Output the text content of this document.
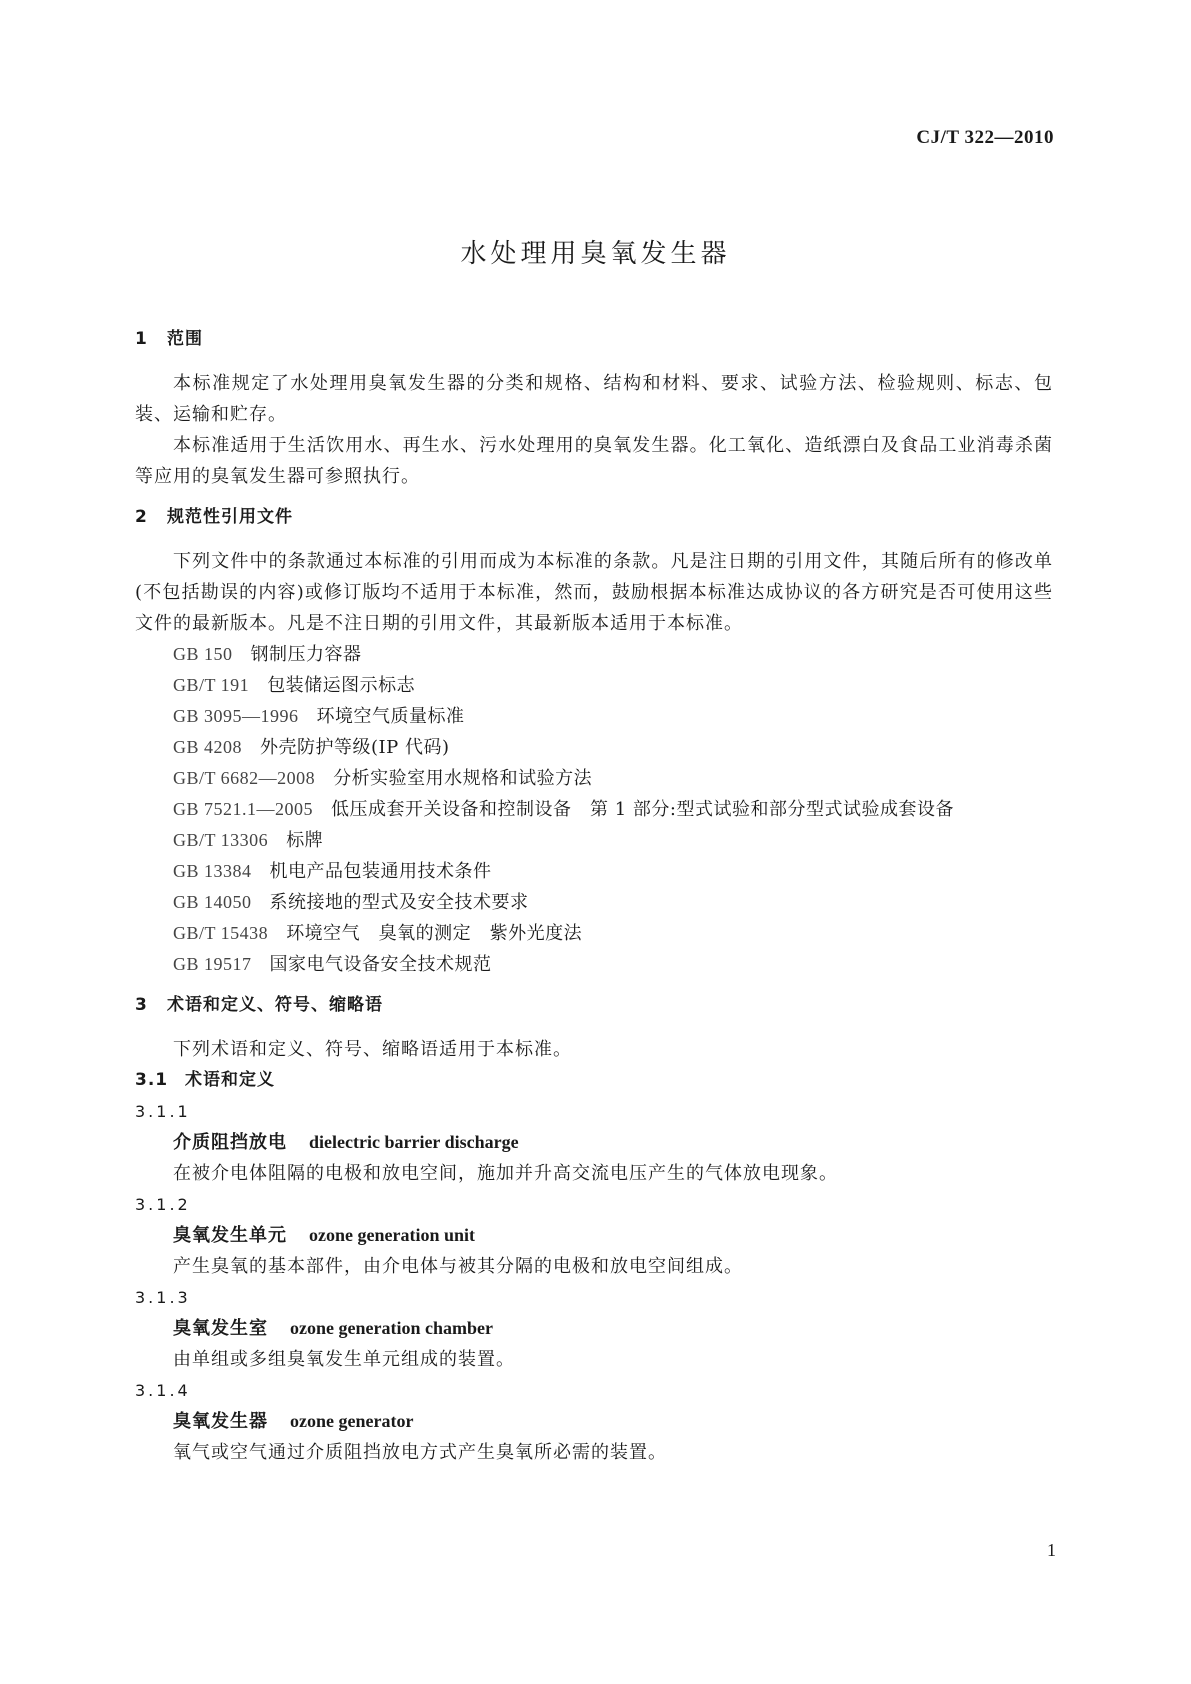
CJ/T 322—2010
水处理用臭氧发生器
1 范围
本标准规定了水处理用臭氧发生器的分类和规格、结构和材料、要求、试验方法、检验规则、标志、包装、运输和贮存。
本标准适用于生活饮用水、再生水、污水处理用的臭氧发生器。化工氧化、造纸漂白及食品工业消毒杀菌等应用的臭氧发生器可参照执行。
2 规范性引用文件
下列文件中的条款通过本标准的引用而成为本标准的条款。凡是注日期的引用文件，其随后所有的修改单(不包括勘误的内容)或修订版均不适用于本标准，然而，鼓励根据本标准达成协议的各方研究是否可使用这些文件的最新版本。凡是不注日期的引用文件，其最新版本适用于本标准。
GB 150 钢制压力容器
GB/T 191 包装储运图示标志
GB 3095—1996 环境空气质量标准
GB 4208 外壳防护等级(IP 代码)
GB/T 6682—2008 分析实验室用水规格和试验方法
GB 7521.1—2005 低压成套开关设备和控制设备　第 1 部分:型式试验和部分型式试验成套设备
GB/T 13306 标牌
GB 13384 机电产品包装通用技术条件
GB 14050 系统接地的型式及安全技术要求
GB/T 15438 环境空气　臭氧的测定　紫外光度法
GB 19517 国家电气设备安全技术规范
3 术语和定义、符号、缩略语
下列术语和定义、符号、缩略语适用于本标准。
3.1 术语和定义
3.1.1
介质阻挡放电 dielectric barrier discharge
在被介电体阻隔的电极和放电空间，施加并升高交流电压产生的气体放电现象。
3.1.2
臭氧发生单元 ozone generation unit
产生臭氧的基本部件，由介电体与被其分隔的电极和放电空间组成。
3.1.3
臭氧发生室 ozone generation chamber
由单组或多组臭氧发生单元组成的装置。
3.1.4
臭氧发生器 ozone generator
氧气或空气通过介质阻挡放电方式产生臭氧所必需的装置。
1
